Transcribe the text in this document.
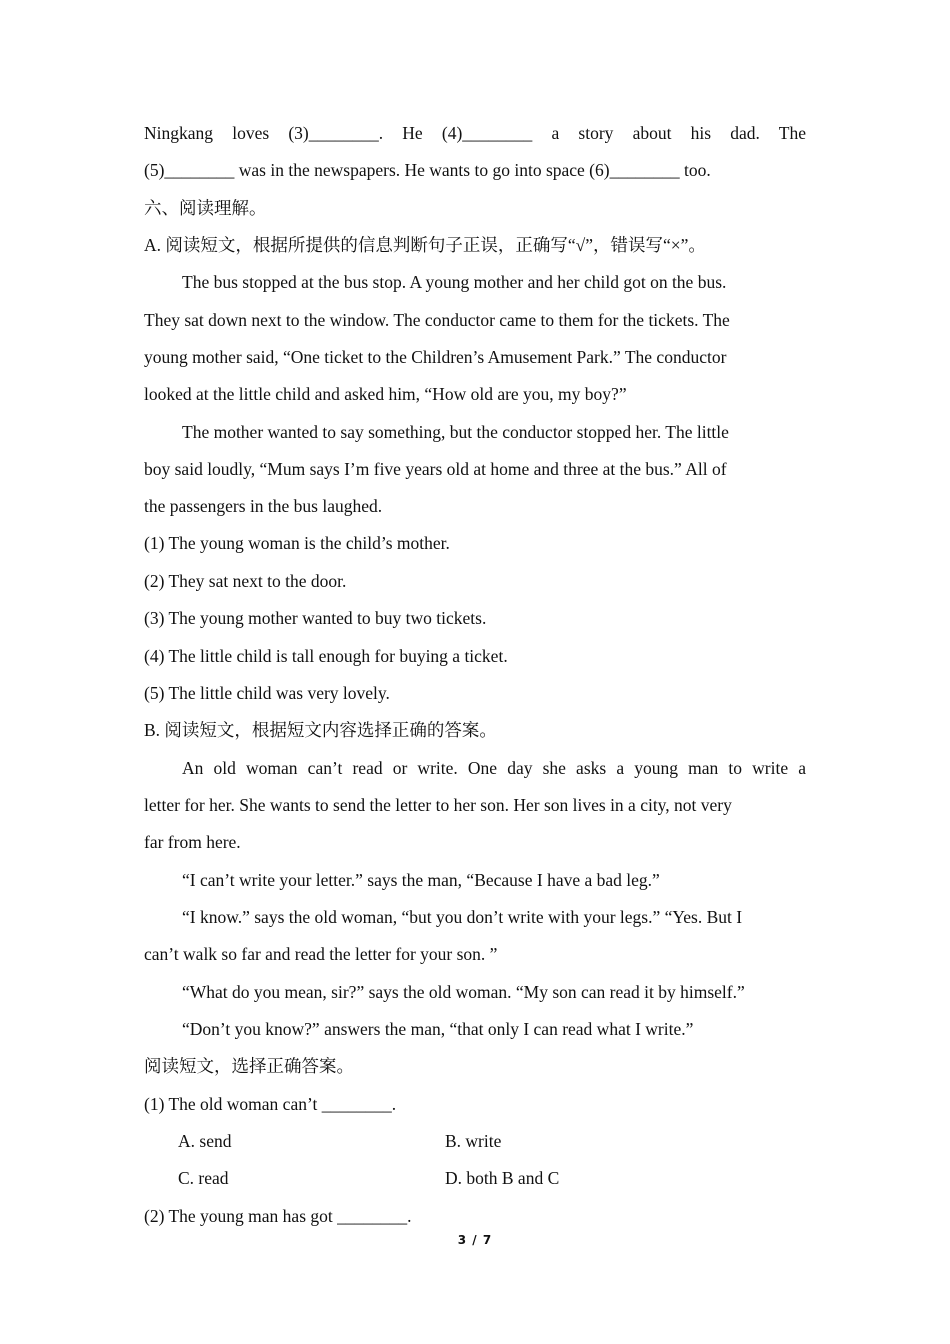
Ningkang loves (3)________. He (4)________ a story about his dad. The
(5)________ was in the newspapers. He wants to go into space (6)________ too.
六、阅读理解。
A. 阅读短文，根据所提供的信息判断句子正误，正确写“√”，错误写“×”。
The bus stopped at the bus stop. A young mother and her child got on the bus.
They sat down next to the window. The conductor came to them for the tickets. The
young mother said, “One ticket to the Children’s Amusement Park.” The conductor
looked at the little child and asked him, “How old are you, my boy?”
The mother wanted to say something, but the conductor stopped her. The little
boy said loudly, “Mum says I’m five years old at home and three at the bus.” All of
the passengers in the bus laughed.
(1) The young woman is the child’s mother.
(2) They sat next to the door.
(3) The young mother wanted to buy two tickets.
(4) The little child is tall enough for buying a ticket.
(5) The little child was very lovely.
B. 阅读短文，根据短文内容选择正确的答案。
An old woman can’t read or write. One day she asks a young man to write a
letter for her. She wants to send the letter to her son. Her son lives in a city, not very
far from here.
“I can’t write your letter.” says the man, “Because I have a bad leg.”
“I know.” says the old woman, “but you don’t write with your legs.” “Yes. But I
can’t walk so far and read the letter for your son. ”
“What do you mean, sir?” says the old woman. “My son can read it by himself.”
“Don’t you know?” answers the man, “that only I can read what I write.”
阅读短文，选择正确答案。
(1) The old woman can’t ________.
A. send	B. write
C. read	D. both B and C
(2) The young man has got ________.
3 / 7
